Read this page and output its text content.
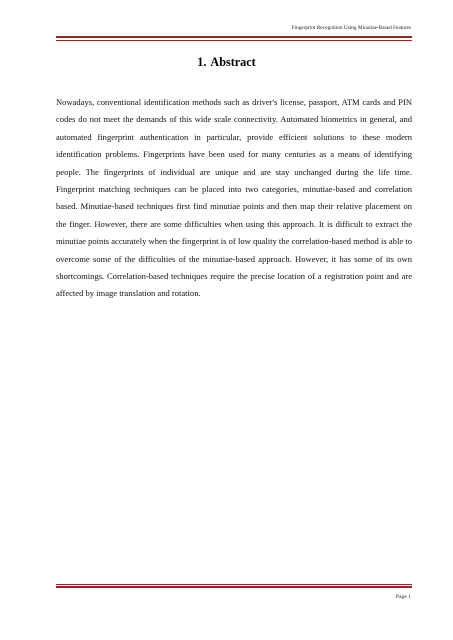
Fingerprint Recognition Using Minutiae-Based Features
1. Abstract

Nowadays, conventional identification methods such as driver's license, passport, ATM cards and PIN codes do not meet the demands of this wide scale connectivity. Automated biometrics in general, and automated fingerprint authentication in particular, provide efficient solutions to these modern identification problems. Fingerprints have been used for many centuries as a means of identifying people. The fingerprints of individual are unique and are stay unchanged during the life time. Fingerprint matching techniques can be placed into two categories, minutiae-based and correlation based. Minutiae-based techniques first find minutiae points and then map their relative placement on the finger. However, there are some difficulties when using this approach. It is difficult to extract the minutiae points accurately when the fingerprint is of low quality the correlation-based method is able to overcome some of the difficulties of the minutiae-based approach. However, it has some of its own shortcomings. Correlation-based techniques require the precise location of a registration point and are affected by image translation and rotation.

Page 1
